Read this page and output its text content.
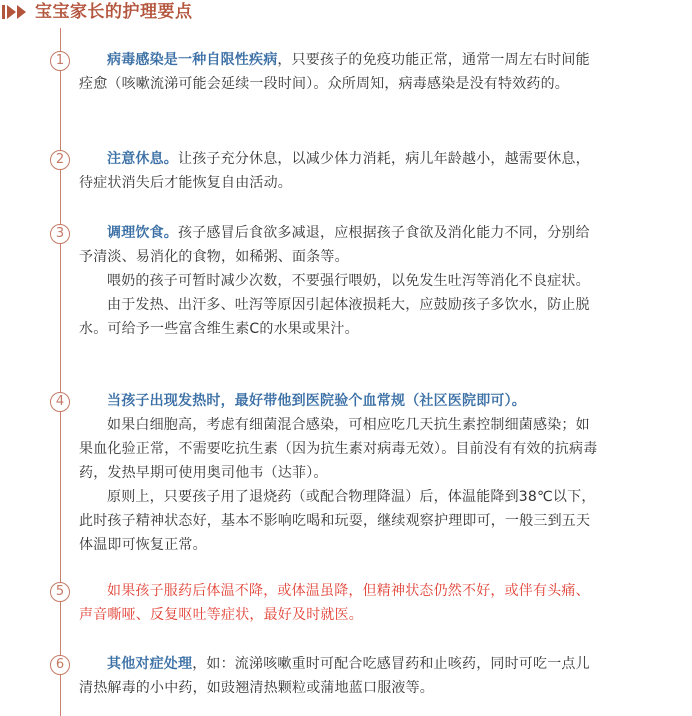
宝宝家长的护理要点
1	病毒感染是一种自限性疾病，只要孩子的免疫功能正常，通常一周左右时间能痊愈（咳嗽流涕可能会延续一段时间）。众所周知，病毒感染是没有特效药的。

2	注意休息。让孩子充分休息，以减少体力消耗，病儿年龄越小，越需要休息，待症状消失后才能恢复自由活动。

3	调理饮食。孩子感冒后食欲多减退，应根据孩子食欲及消化能力不同，分别给予清淡、易消化的食物，如稀粥、面条等。

喂奶的孩子可暂时减少次数，不要强行喂奶，以免发生吐泻等消化不良症状。

由于发热、出汗多、吐泻等原因引起体液损耗大，应鼓励孩子多饮水，防止脱水。可给予一些富含维生素C的水果或果汁。

4	当孩子出现发热时，最好带他到医院验个血常规（社区医院即可）。

如果白细胞高，考虑有细菌混合感染，可相应吃几天抗生素控制细菌感染；如果血化验正常，不需要吃抗生素（因为抗生素对病毒无效）。目前没有有效的抗病毒药，发热早期可使用奥司他韦（达菲）。

原则上，只要孩子用了退烧药（或配合物理降温）后，体温能降到38℃以下，此时孩子精神状态好，基本不影响吃喝和玩耍，继续观察护理即可，一般三到五天体温即可恢复正常。

5	如果孩子服药后体温不降，或体温虽降，但精神状态仍然不好，或伴有头痛、声音嘶哑、反复呕吐等症状，最好及时就医。

6	其他对症处理，如：流涕咳嗽重时可配合吃感冒药和止咳药，同时可吃一点儿清热解毒的小中药，如豉翘清热颗粒或蒲地蓝口服液等。
